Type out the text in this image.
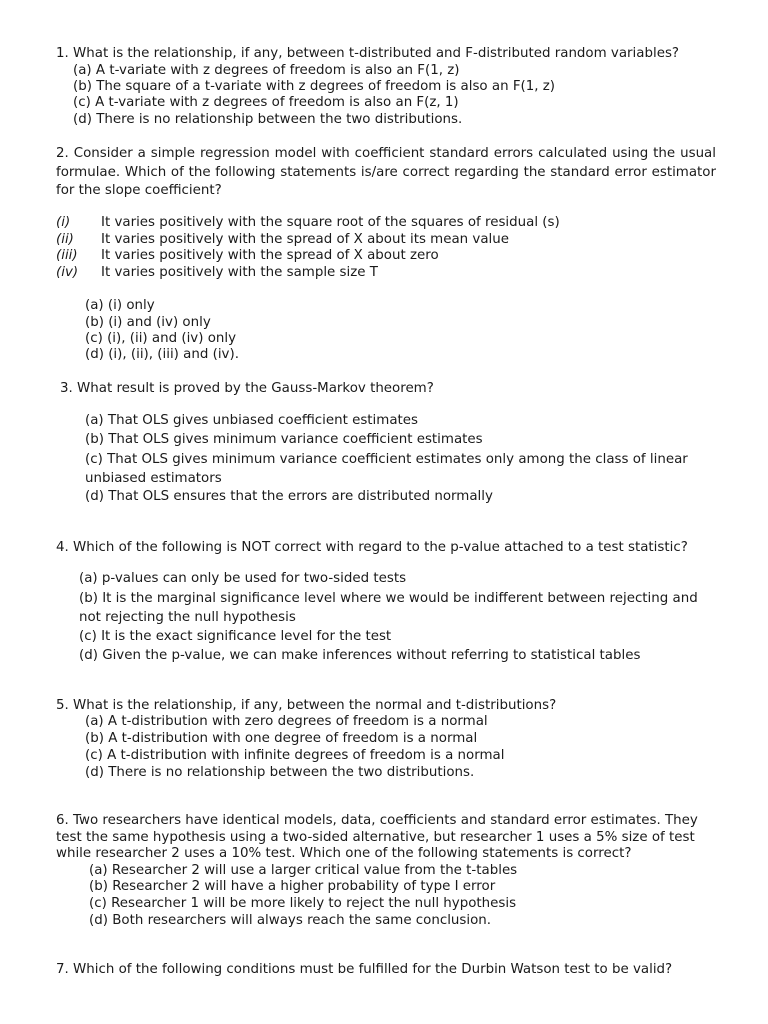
1. What is the relationship, if any, between t-distributed and F-distributed random variables?
(a) A t-variate with z degrees of freedom is also an F(1, z)
(b) The square of a t-variate with z degrees of freedom is also an F(1, z)
(c) A t-variate with z degrees of freedom is also an F(z, 1)
(d) There is no relationship between the two distributions.
2. Consider a simple regression model with coefficient standard errors calculated using the usual formulae. Which of the following statements is/are correct regarding the standard error estimator for the slope coefficient?
(i) It varies positively with the square root of the squares of residual (s)
(ii) It varies positively with the spread of X about its mean value
(iii) It varies positively with the spread of X about zero
(iv) It varies positively with the sample size T
(a) (i) only
(b) (i) and (iv) only
(c) (i), (ii) and (iv) only
(d) (i), (ii), (iii) and (iv).
3. What result is proved by the Gauss-Markov theorem?
(a) That OLS gives unbiased coefficient estimates
(b) That OLS gives minimum variance coefficient estimates
(c) That OLS gives minimum variance coefficient estimates only among the class of linear unbiased estimators
(d) That OLS ensures that the errors are distributed normally
4. Which of the following is NOT correct with regard to the p-value attached to a test statistic?
(a) p-values can only be used for two-sided tests
(b) It is the marginal significance level where we would be indifferent between rejecting and not rejecting the null hypothesis
(c) It is the exact significance level for the test
(d) Given the p-value, we can make inferences without referring to statistical tables
5. What is the relationship, if any, between the normal and t-distributions?
(a) A t-distribution with zero degrees of freedom is a normal
(b) A t-distribution with one degree of freedom is a normal
(c) A t-distribution with infinite degrees of freedom is a normal
(d) There is no relationship between the two distributions.
6. Two researchers have identical models, data, coefficients and standard error estimates. They test the same hypothesis using a two-sided alternative, but researcher 1 uses a 5% size of test while researcher 2 uses a 10% test. Which one of the following statements is correct?
(a) Researcher 2 will use a larger critical value from the t-tables
(b) Researcher 2 will have a higher probability of type I error
(c) Researcher 1 will be more likely to reject the null hypothesis
(d) Both researchers will always reach the same conclusion.
7. Which of the following conditions must be fulfilled for the Durbin Watson test to be valid?
